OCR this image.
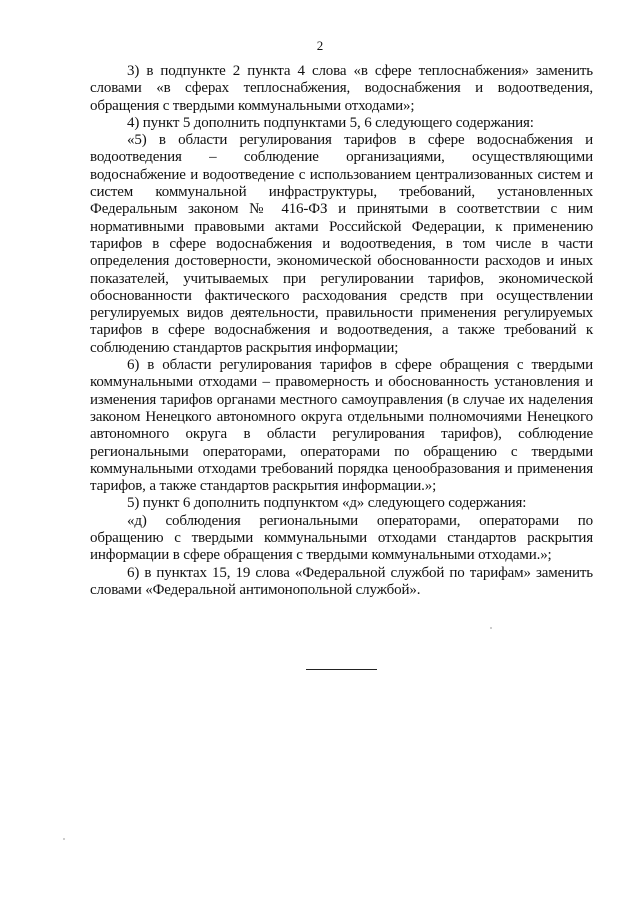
2

3) в подпункте 2 пункта 4 слова «в сфере теплоснабжения» заменить словами «в сферах теплоснабжения, водоснабжения и водоотведения, обращения с твердыми коммунальными отходами»;

4) пункт 5 дополнить подпунктами 5, 6 следующего содержания:

«5) в области регулирования тарифов в сфере водоснабжения и водоотведения – соблюдение организациями, осуществляющими водоснабжение и водоотведение с использованием централизованных систем и систем коммунальной инфраструктуры, требований, установленных Федеральным законом № 416-ФЗ и принятыми в соответствии с ним нормативными правовыми актами Российской Федерации, к применению тарифов в сфере водоснабжения и водоотведения, в том числе в части определения достоверности, экономической обоснованности расходов и иных показателей, учитываемых при регулировании тарифов, экономической обоснованности фактического расходования средств при осуществлении регулируемых видов деятельности, правильности применения регулируемых тарифов в сфере водоснабжения и водоотведения, а также требований к соблюдению стандартов раскрытия информации;

6) в области регулирования тарифов в сфере обращения с твердыми коммунальными отходами – правомерность и обоснованность установления и изменения тарифов органами местного самоуправления (в случае их наделения законом Ненецкого автономного округа отдельными полномочиями Ненецкого автономного округа в области регулирования тарифов), соблюдение региональными операторами, операторами по обращению с твердыми коммунальными отходами требований порядка ценообразования и применения тарифов, а также стандартов раскрытия информации.»;

5) пункт 6 дополнить подпунктом «д» следующего содержания:

«д) соблюдения региональными операторами, операторами по обращению с твердыми коммунальными отходами стандартов раскрытия информации в сфере обращения с твердыми коммунальными отходами.»;

6) в пунктах 15, 19 слова «Федеральной службой по тарифам» заменить словами «Федеральной антимонопольной службой».
